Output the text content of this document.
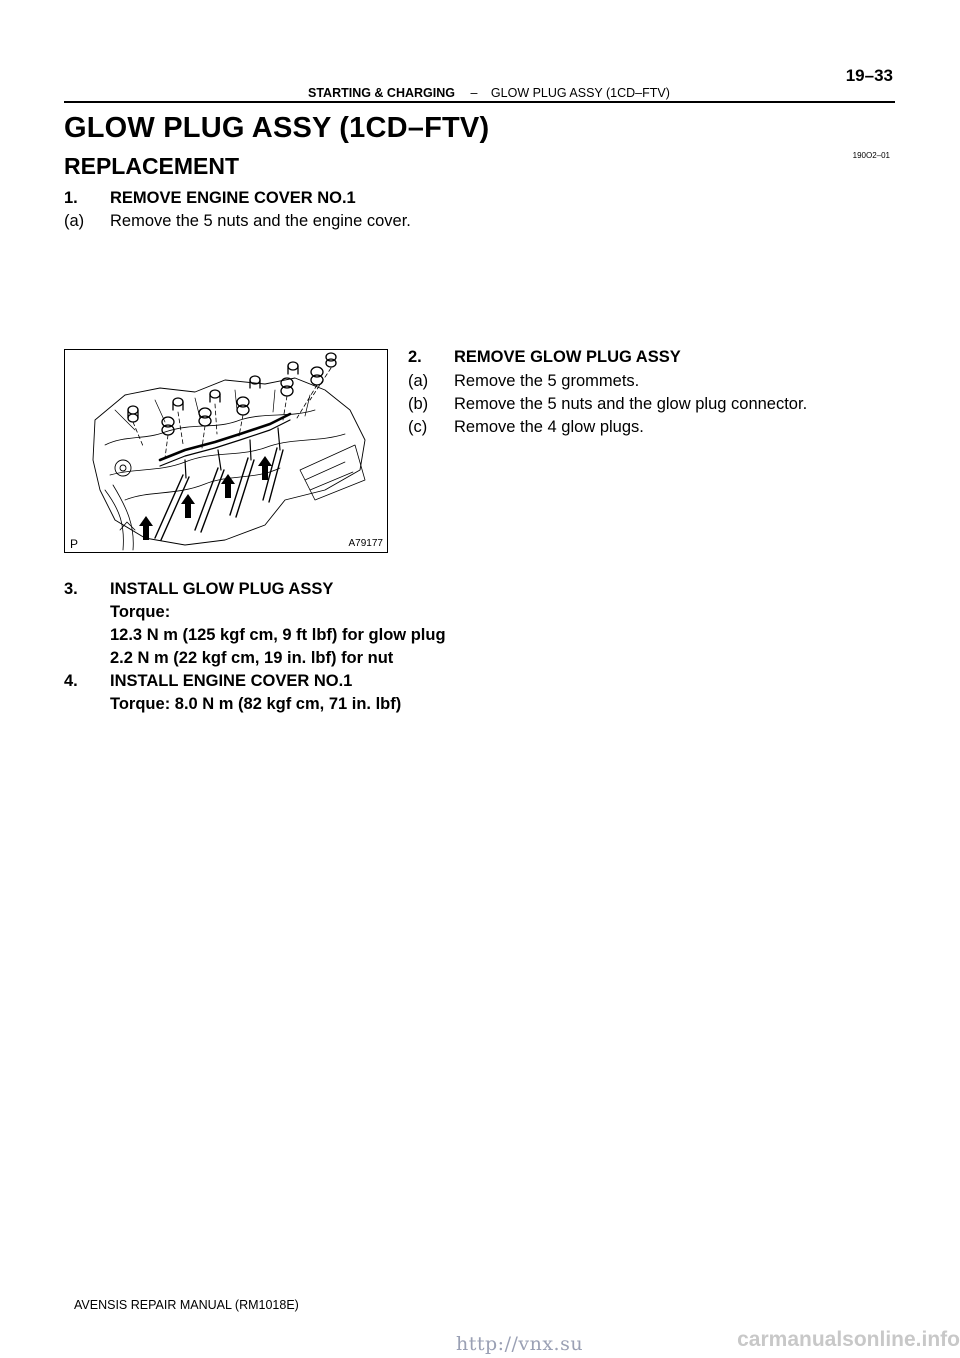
19–33
STARTING & CHARGING – GLOW PLUG ASSY (1CD–FTV)
GLOW PLUG ASSY (1CD–FTV)
REPLACEMENT	190O2–01
1. REMOVE ENGINE COVER NO.1
(a) Remove the 5 nuts and the engine cover.
P	A79177
2. REMOVE GLOW PLUG ASSY
(a) Remove the 5 grommets.
(b) Remove the 5 nuts and the glow plug connector.
(c) Remove the 4 glow plugs.
3. INSTALL GLOW PLUG ASSY
Torque:
12.3 N m (125 kgf cm, 9 ft lbf) for glow plug
2.2 N m (22 kgf cm, 19 in. lbf) for nut
4. INSTALL ENGINE COVER NO.1
Torque: 8.0 N m (82 kgf cm, 71 in. lbf)
AVENSIS REPAIR MANUAL (RM1018E)
http://vnx.su	carmanualsonline.info
